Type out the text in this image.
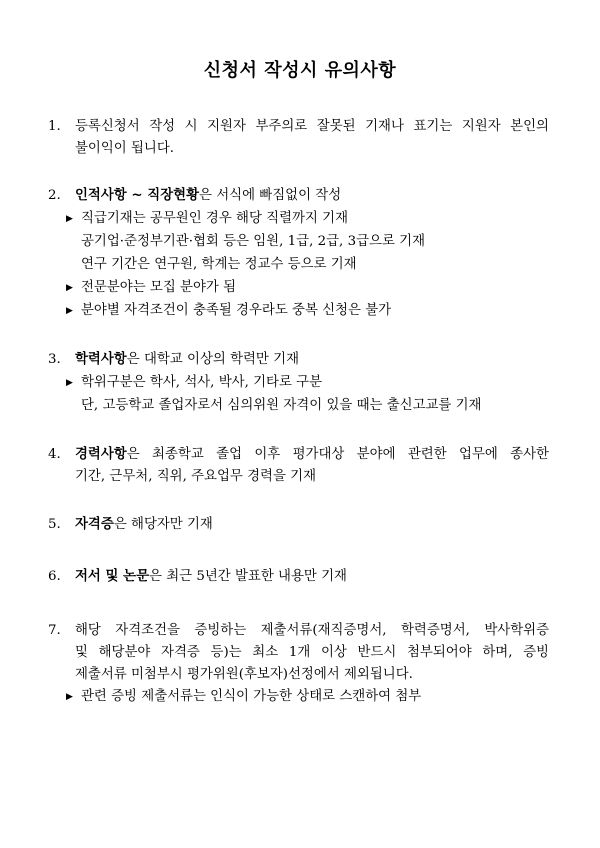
신청서 작성시 유의사항
1. 등록신청서 작성 시 지원자 부주의로 잘못된 기재나 표기는 지원자 본인의
불이익이 됩니다.
2. 인적사항 ~ 직장현황은 서식에 빠짐없이 작성
▶ 직급기재는 공무원인 경우 해당 직렬까지 기재
공기업·준정부기관·협회 등은 임원, 1급, 2급, 3급으로 기재
연구 기간은 연구원, 학계는 정교수 등으로 기재
▶ 전문분야는 모집 분야가 됨
▶ 분야별 자격조건이 충족될 경우라도 중복 신청은 불가
3. 학력사항은 대학교 이상의 학력만 기재
▶ 학위구분은 학사, 석사, 박사, 기타로 구분
단, 고등학교 졸업자로서 심의위원 자격이 있을 때는 출신고교를 기재
4. 경력사항은 최종학교 졸업 이후 평가대상 분야에 관련한 업무에 종사한
기간, 근무처, 직위, 주요업무 경력을 기재
5. 자격증은 해당자만 기재
6. 저서 및 논문은 최근 5년간 발표한 내용만 기재
7. 해당 자격조건을 증빙하는 제출서류(재직증명서, 학력증명서, 박사학위증
및 해당분야 자격증 등)는 최소 1개 이상 반드시 첨부되어야 하며, 증빙
제출서류 미첨부시 평가위원(후보자)선정에서 제외됩니다.
▶ 관련 증빙 제출서류는 인식이 가능한 상태로 스캔하여 첨부
